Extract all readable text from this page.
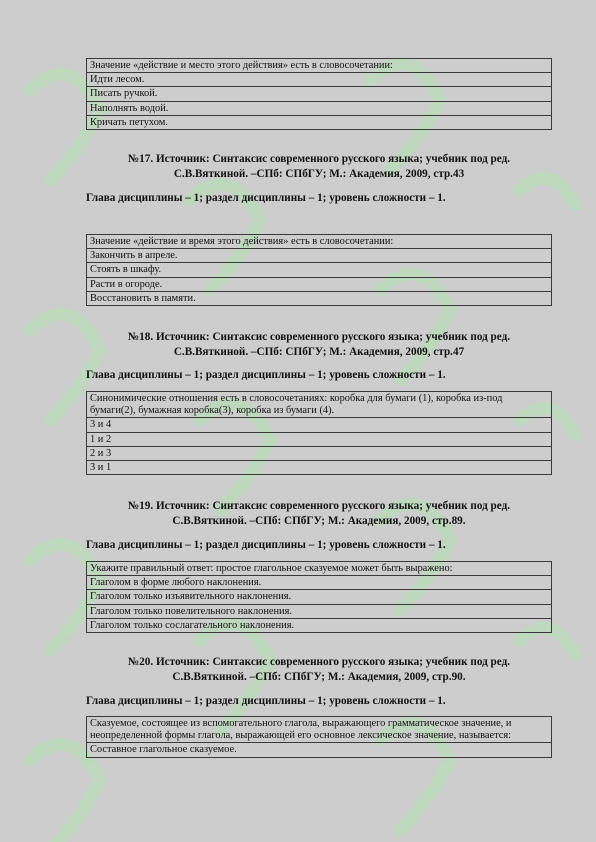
Значение «действие и место этого действия» есть в словосочетании:
Идти лесом.
Писать ручкой.
Наполнять водой.
Кричать петухом.
№17. Источник: Синтаксис современного русского языка; учебник под ред.
С.В.Вяткиной. –СПб: СПбГУ; М.: Академия, 2009, стр.43
Глава дисциплины – 1; раздел дисциплины – 1; уровень сложности – 1.
Значение «действие и время этого действия» есть в словосочетании:
Закончить в апреле.
Стоять в шкафу.
Расти в огороде.
Восстановить в памяти.
№18. Источник: Синтаксис современного русского языка; учебник под ред.
С.В.Вяткиной. –СПб: СПбГУ; М.: Академия, 2009, стр.47
Глава дисциплины – 1; раздел дисциплины – 1; уровень сложности – 1.
Синонимические отношения есть в словосочетаниях: коробка для бумаги (1), коробка из-под бумаги(2), бумажная коробка(3), коробка из бумаги (4).
3 и 4
1 и 2
2 и 3
3 и 1
№19. Источник: Синтаксис современного русского языка; учебник под ред.
С.В.Вяткиной. –СПб: СПбГУ; М.: Академия, 2009, стр.89.
Глава дисциплины – 1; раздел дисциплины – 1; уровень сложности – 1.
Укажите правильный ответ: простое глагольное сказуемое может быть выражено:
Глаголом в форме любого наклонения.
Глаголом только изъявительного наклонения.
Глаголом только повелительного наклонения.
Глаголом только сослагательного наклонения.
№20. Источник: Синтаксис современного русского языка; учебник под ред.
С.В.Вяткиной. –СПб: СПбГУ; М.: Академия, 2009, стр.90.
Глава дисциплины – 1; раздел дисциплины – 1; уровень сложности – 1.
Сказуемое, состоящее из вспомогательного глагола, выражающего грамматическое значение, и неопределенной формы глагола, выражающей его основное лексическое значение, называется:
Составное глагольное сказуемое.
